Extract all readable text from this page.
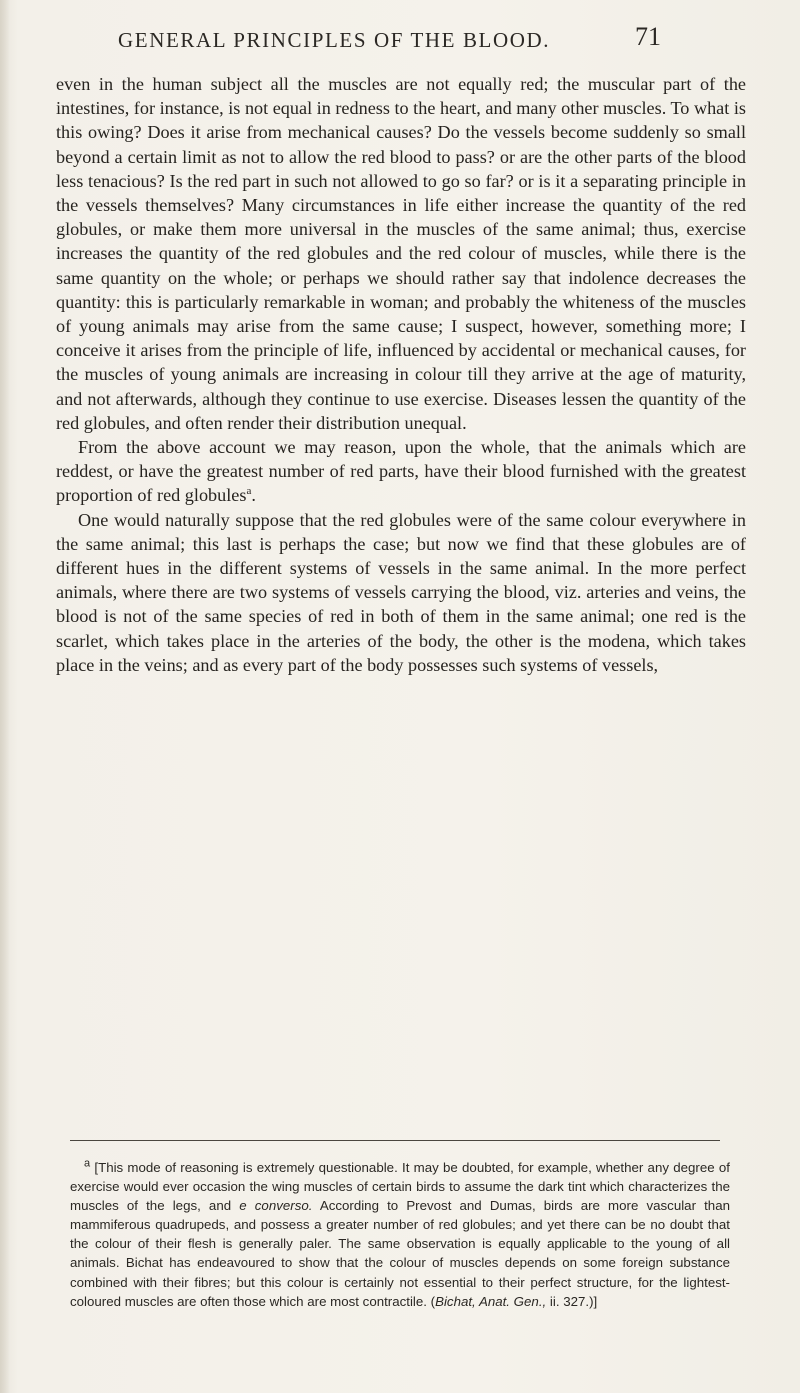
GENERAL PRINCIPLES OF THE BLOOD.	71

even in the human subject all the muscles are not equally red; the muscular part of the intestines, for instance, is not equal in redness to the heart, and many other muscles. To what is this owing? Does it arise from mechanical causes? Do the vessels become suddenly so small beyond a certain limit as not to allow the red blood to pass? or are the other parts of the blood less tenacious? Is the red part in such not allowed to go so far? or is it a separating principle in the vessels themselves? Many circumstances in life either increase the quantity of the red globules, or make them more universal in the muscles of the same animal; thus, exercise increases the quantity of the red globules and the red colour of muscles, while there is the same quantity on the whole; or perhaps we should rather say that indolence decreases the quantity: this is particularly remarkable in woman; and probably the whiteness of the muscles of young animals may arise from the same cause; I suspect, however, something more; I conceive it arises from the principle of life, influenced by accidental or mechanical causes, for the muscles of young animals are increasing in colour till they arrive at the age of maturity, and not afterwards, although they continue to use exercise. Diseases lessen the quantity of the red globules, and often render their distribution unequal.

From the above account we may reason, upon the whole, that the animals which are reddest, or have the greatest number of red parts, have their blood furnished with the greatest proportion of red globules$^a$.

One would naturally suppose that the red globules were of the same colour everywhere in the same animal; this last is perhaps the case; but now we find that these globules are of different hues in the different systems of vessels in the same animal. In the more perfect animals, where there are two systems of vessels carrying the blood, viz. arteries and veins, the blood is not of the same species of red in both of them in the same animal; one red is the scarlet, which takes place in the arteries of the body, the other is the modena, which takes place in the veins; and as every part of the body possesses such systems of vessels,

$^a$ [This mode of reasoning is extremely questionable. It may be doubted, for example, whether any degree of exercise would ever occasion the wing muscles of certain birds to assume the dark tint which characterizes the muscles of the legs, and e converso. According to Prevost and Dumas, birds are more vascular than mammiferous quadrupeds, and possess a greater number of red globules; and yet there can be no doubt that the colour of their flesh is generally paler. The same observation is equally applicable to the young of all animals. Bichat has endeavoured to show that the colour of muscles depends on some foreign substance combined with their fibres; but this colour is certainly not essential to their perfect structure, for the lightest-coloured muscles are often those which are most contractile. (Bichat, Anat. Gen., ii. 327.)]
